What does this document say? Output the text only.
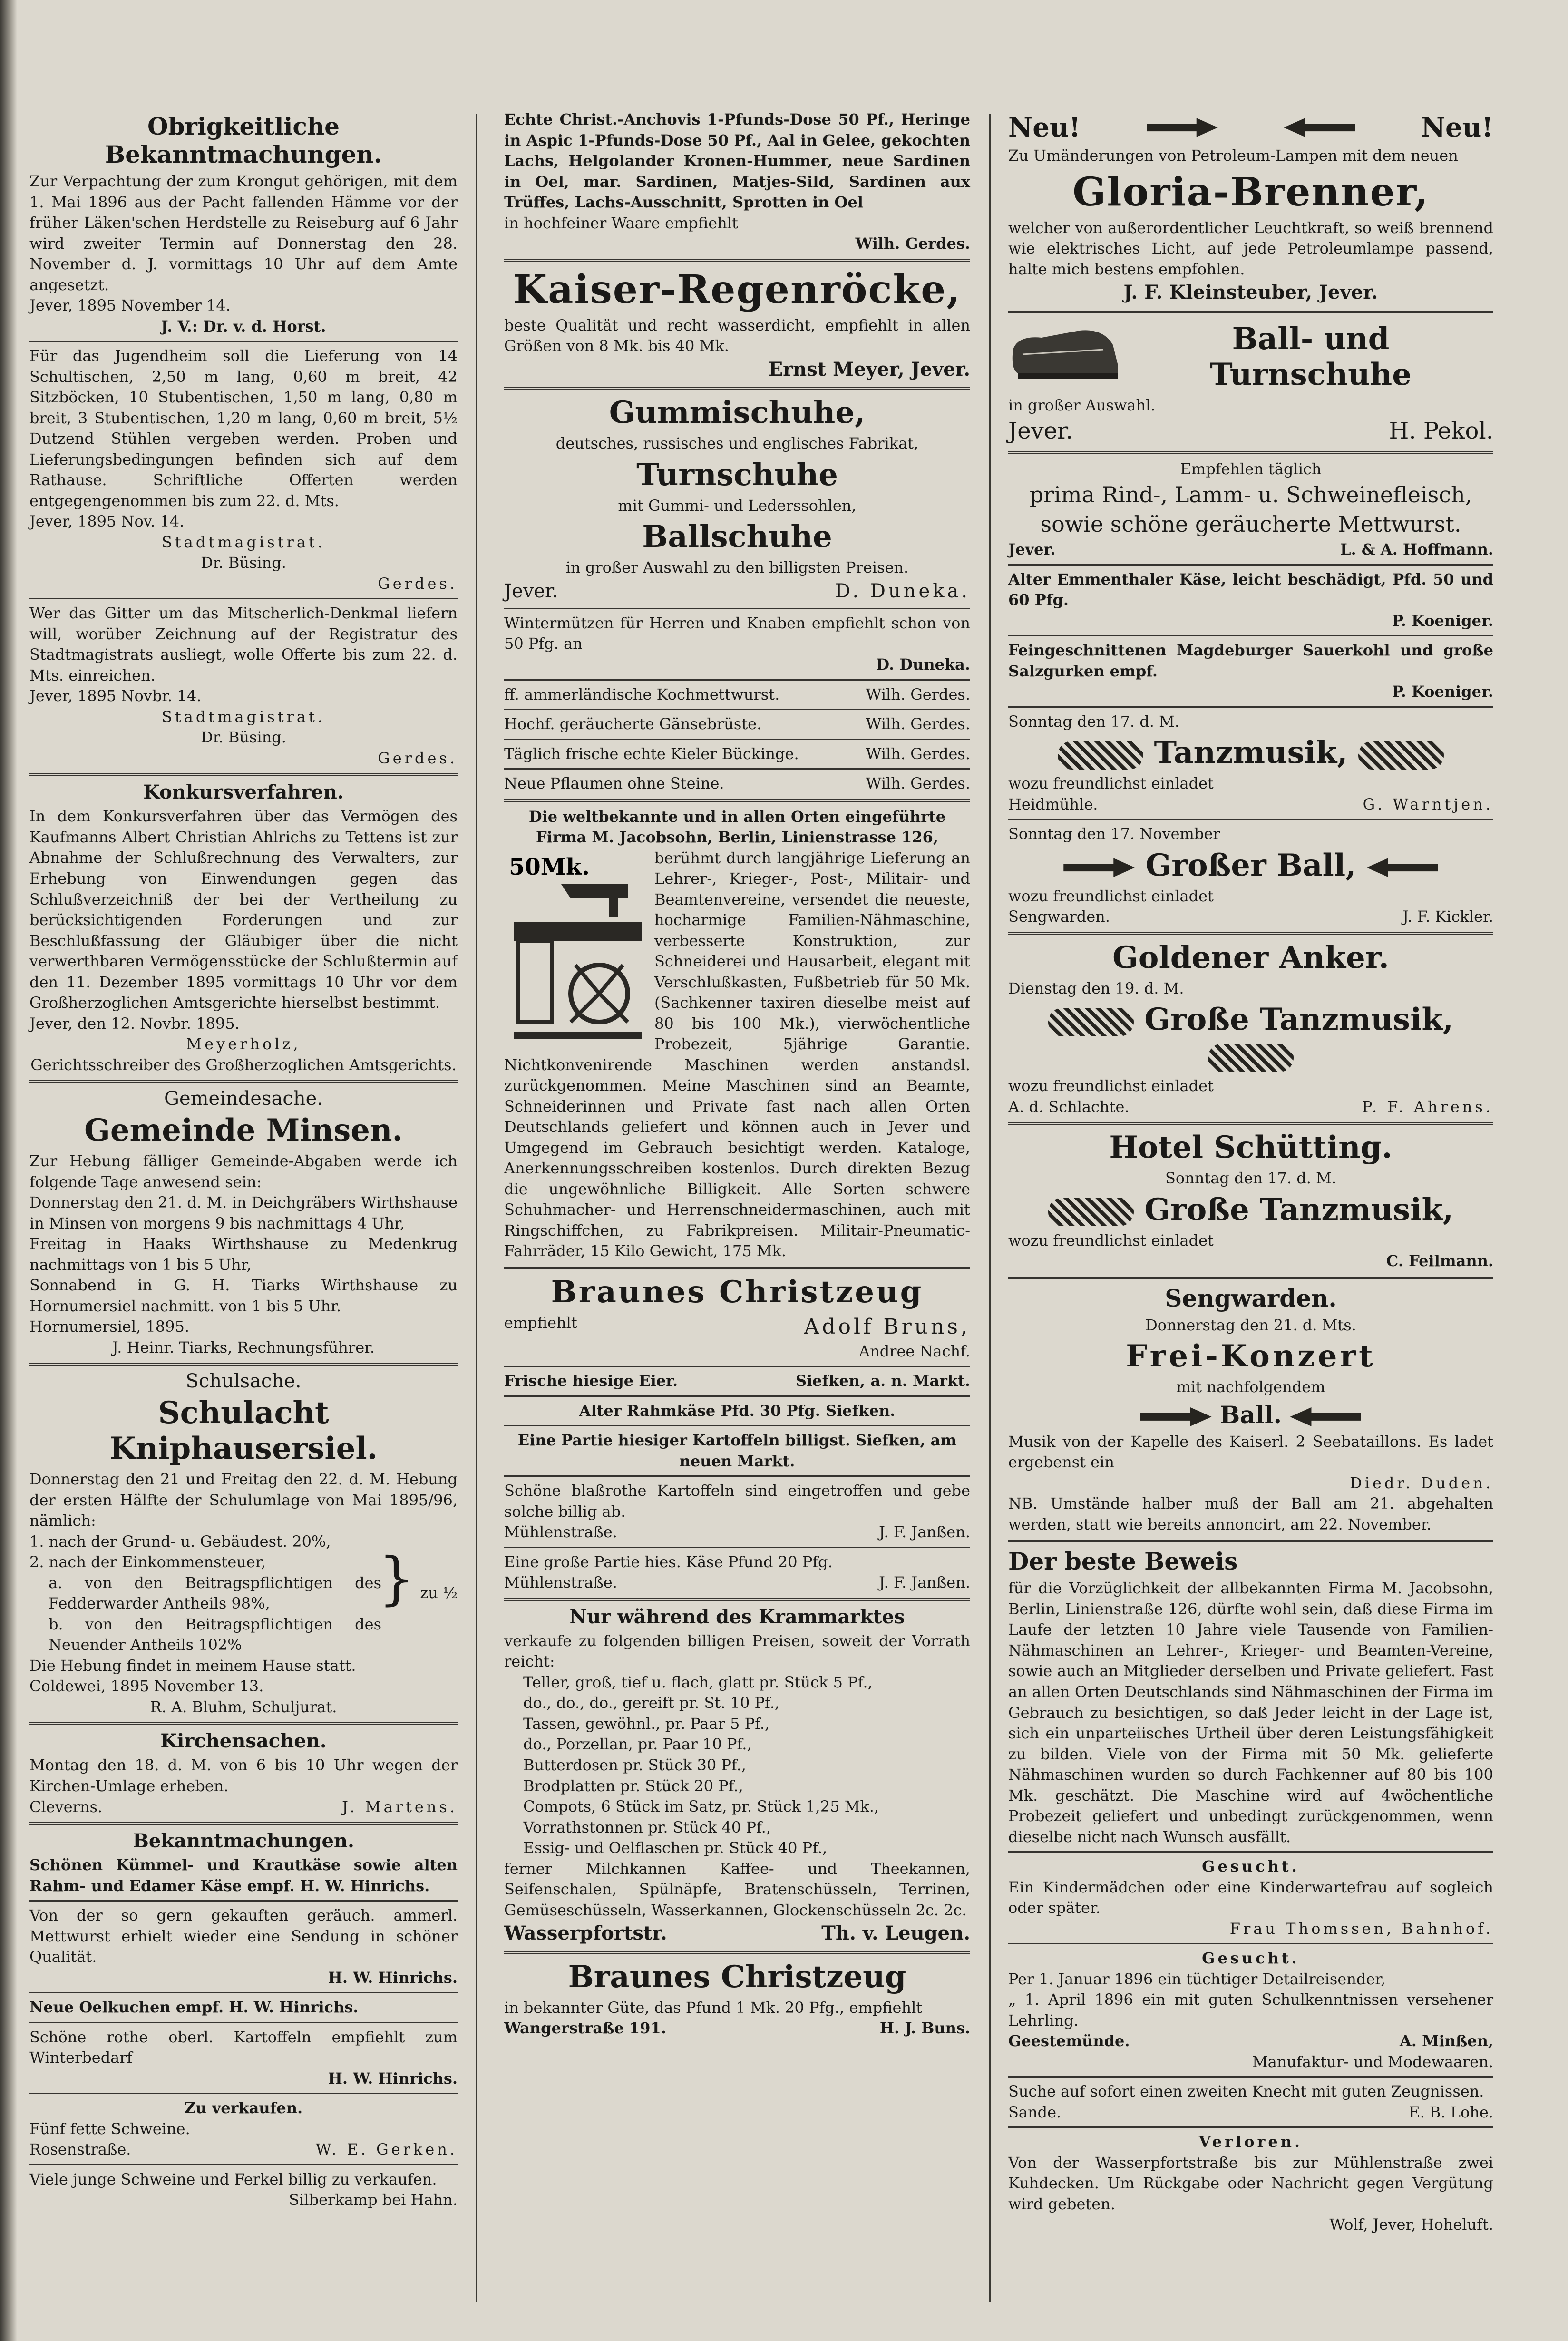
Obrigkeitliche Bekanntmachungen.

Zur Verpachtung der zum Krongut gehörigen, mit dem 1. Mai 1896 aus der Pacht fallenden Hämme vor der früher Läken'schen Herdstelle zu Reiseburg auf 6 Jahr wird zweiter Termin auf Donnerstag den 28. November d. J. vormittags 10 Uhr auf dem Amte angesetzt.

Jever, 1895 November 14.

J. V.: Dr. v. d. Horst.

Für das Jugendheim soll die Lieferung von 14 Schultischen, 2,50 m lang, 0,60 m breit, 42 Sitzböcken, 10 Stubentischen, 1,50 m lang, 0,80 m breit, 3 Stubentischen, 1,20 m lang, 0,60 m breit, 5½ Dutzend Stühlen vergeben werden. Proben und Lieferungsbedingungen befinden sich auf dem Rathause. Schriftliche Offerten werden entgegengenommen bis zum 22. d. Mts.

Jever, 1895 Nov. 14.

Stadtmagistrat.

Dr. Büsing.

Gerdes.

Wer das Gitter um das Mitscherlich-Denkmal liefern will, worüber Zeichnung auf der Registratur des Stadtmagistrats ausliegt, wolle Offerte bis zum 22. d. Mts. einreichen.

Jever, 1895 Novbr. 14.

Stadtmagistrat.

Dr. Büsing.

Gerdes.

Konkursverfahren.

In dem Konkursverfahren über das Vermögen des Kaufmanns Albert Christian Ahlrichs zu Tettens ist zur Abnahme der Schlußrechnung des Verwalters, zur Erhebung von Einwendungen gegen das Schlußverzeichniß der bei der Vertheilung zu berücksichtigenden Forderungen und zur Beschlußfassung der Gläubiger über die nicht verwerthbaren Vermögensstücke der Schlußtermin auf den 11. Dezember 1895 vormittags 10 Uhr vor dem Großherzoglichen Amtsgerichte hierselbst bestimmt.

Jever, den 12. Novbr. 1895.

Meyerholz,

Gerichtsschreiber des Großherzoglichen Amtsgerichts.

Gemeindesache.
Gemeinde Minsen.

Zur Hebung fälliger Gemeinde-Abgaben werde ich folgende Tage anwesend sein:

Donnerstag den 21. d. M. in Deichgräbers Wirthshause in Minsen von morgens 9 bis nachmittags 4 Uhr,

Freitag in Haaks Wirthshause zu Medenkrug nachmittags von 1 bis 5 Uhr,

Sonnabend in G. H. Tiarks Wirthshause zu Hornumersiel nachmitt. von 1 bis 5 Uhr.

Hornumersiel, 1895.

J. Heinr. Tiarks, Rechnungsführer.

Schulsache.
Schulacht Kniphausersiel.

Donnerstag den 21 und Freitag den 22. d. M. Hebung der ersten Hälfte der Schulumlage von Mai 1895/96, nämlich:

1. nach der Grund- u. Gebäudest. 20%,

2. nach der Einkommensteuer,

a. von den Beitragspflichtigen des Fedderwarder Antheils 98%,

b. von den Beitragspflichtigen des Neuender Antheils 102%

} zu ½

Die Hebung findet in meinem Hause statt.

Coldewei, 1895 November 13.

R. A. Bluhm, Schuljurat.

Kirchensachen.

Montag den 18. d. M. von 6 bis 10 Uhr wegen der Kirchen-Umlage erheben.

Cleverns.	J. Martens.
Bekanntmachungen.

Schönen Kümmel- und Krautkäse sowie alten Rahm- und Edamer Käse empf. H. W. Hinrichs.

Von der so gern gekauften geräuch. ammerl. Mettwurst erhielt wieder eine Sendung in schöner Qualität.

H. W. Hinrichs.

Neue Oelkuchen empf. H. W. Hinrichs.

Schöne rothe oberl. Kartoffeln empfiehlt zum Winterbedarf

H. W. Hinrichs.

Zu verkaufen.

Fünf fette Schweine.

Rosenstraße.	W. E. Gerken.

Viele junge Schweine und Ferkel billig zu verkaufen.

Silberkamp bei Hahn.

Echte Christ.-Anchovis 1-Pfunds-Dose 50 Pf., Heringe in Aspic 1-Pfunds-Dose 50 Pf., Aal in Gelee, gekochten Lachs, Helgolander Kronen-Hummer, neue Sardinen in Oel, mar. Sardinen, Matjes-Sild, Sardinen aux Trüffes, Lachs-Ausschnitt, Sprotten in Oel

in hochfeiner Waare empfiehlt

Wilh. Gerdes.

Kaiser-Regenröcke,

beste Qualität und recht wasserdicht, empfiehlt in allen Größen von 8 Mk. bis 40 Mk.

Ernst Meyer, Jever.

Gummischuhe,

deutsches, russisches und englisches Fabrikat,

Turnschuhe

mit Gummi- und Lederssohlen,

Ballschuhe

in großer Auswahl zu den billigsten Preisen.

Jever.	D. Duneka.

Wintermützen für Herren und Knaben empfiehlt schon von 50 Pfg. an

D. Duneka.

ff. ammerländische Kochmettwurst.	Wilh. Gerdes.
Hochf. geräucherte Gänsebrüste.	Wilh. Gerdes.
Täglich frische echte Kieler Bückinge.	Wilh. Gerdes.
Neue Pflaumen ohne Steine.	Wilh. Gerdes.

Die weltbekannte und in allen Orten eingeführte Firma M. Jacobsohn, Berlin, Linienstrasse 126,

50Mk.	berühmt durch langjährige Lieferung an Lehrer-, Krieger-, Post-, Militair- und Beamtenvereine, versendet die neueste, hocharmige Familien-Nähmaschine, verbesserte Konstruktion, zur Schneiderei und Hausarbeit, elegant mit Verschlußkasten, Fußbetrieb für 50 Mk. (Sachkenner taxiren dieselbe meist auf 80 bis 100 Mk.), vierwöchentliche Probezeit, 5jährige Garantie. Nichtkonvenirende Maschinen werden anstandsl. zurückgenommen. Meine Maschinen sind an Beamte, Schneiderinnen und Private fast nach allen Orten Deutschlands geliefert und können auch in Jever und Umgegend im Gebrauch besichtigt werden. Kataloge, Anerkennungsschreiben kostenlos. Durch direkten Bezug die ungewöhnliche Billigkeit. Alle Sorten schwere Schuhmacher- und Herrenschneidermaschinen, auch mit Ringschiffchen, zu Fabrikpreisen. Militair-Pneumatic-Fahrräder, 15 Kilo Gewicht, 175 Mk.

Braunes Christzeug
empfiehlt	Adolf Bruns,

Andree Nachf.

Frische hiesige Eier.	Siefken, a. n. Markt.

Alter Rahmkäse Pfd. 30 Pfg. Siefken.

Eine Partie hiesiger Kartoffeln billigst. Siefken, am neuen Markt.

Schöne blaßrothe Kartoffeln sind eingetroffen und gebe solche billig ab.

Mühlenstraße.	J. F. Janßen.

Eine große Partie hies. Käse Pfund 20 Pfg.

Mühlenstraße.	J. F. Janßen.
Nur während des Krammarktes

verkaufe zu folgenden billigen Preisen, soweit der Vorrath reicht:

Teller, groß, tief u. flach, glatt pr. Stück 5 Pf.,

do., do., do., gereift pr. St. 10 Pf.,

Tassen, gewöhnl., pr. Paar 5 Pf.,

do., Porzellan, pr. Paar 10 Pf.,

Butterdosen pr. Stück 30 Pf.,

Brodplatten pr. Stück 20 Pf.,

Compots, 6 Stück im Satz, pr. Stück 1,25 Mk.,

Vorrathstonnen pr. Stück 40 Pf.,

Essig- und Oelflaschen pr. Stück 40 Pf.,

ferner Milchkannen Kaffee- und Theekannen, Seifenschalen, Spülnäpfe, Bratenschüsseln, Terrinen, Gemüseschüsseln, Wasserkannen, Glockenschüsseln 2c. 2c.

Wasserpfortstr.	Th. v. Leugen.
Braunes Christzeug

in bekannter Güte, das Pfund 1 Mk. 20 Pfg., empfiehlt

Wangerstraße 191.	H. J. Buns.
Neu!	Neu!

Zu Umänderungen von Petroleum-Lampen mit dem neuen

Gloria-Brenner,

welcher von außerordentlicher Leuchtkraft, so weiß brennend wie elektrisches Licht, auf jede Petroleumlampe passend, halte mich bestens empfohlen.

J. F. Kleinsteuber, Jever.

Ball- und Turnschuhe

in großer Auswahl.

Jever.	H. Pekol.

Empfehlen täglich

prima Rind-, Lamm- u. Schweinefleisch, sowie schöne geräucherte Mettwurst.

Jever.	L. & A. Hoffmann.

Alter Emmenthaler Käse, leicht beschädigt, Pfd. 50 und 60 Pfg.

P. Koeniger.

Feingeschnittenen Magdeburger Sauerkohl und große Salzgurken empf.

P. Koeniger.

Sonntag den 17. d. M.

Tanzmusik,

wozu freundlichst einladet

Heidmühle.	G. Warntjen.

Sonntag den 17. November

Großer Ball,

wozu freundlichst einladet

Sengwarden.	J. F. Kickler.
Goldener Anker.

Dienstag den 19. d. M.

Große Tanzmusik,

wozu freundlichst einladet

A. d. Schlachte.	P. F. Ahrens.
Hotel Schütting.

Sonntag den 17. d. M.

Große Tanzmusik,

wozu freundlichst einladet

C. Feilmann.

Sengwarden.

Donnerstag den 21. d. Mts.

Frei-Konzert

mit nachfolgendem

Ball.

Musik von der Kapelle des Kaiserl. 2 Seebataillons. Es ladet ergebenst ein

Diedr. Duden.

NB. Umstände halber muß der Ball am 21. abgehalten werden, statt wie bereits annoncirt, am 22. November.

Der beste Beweis

für die Vorzüglichkeit der allbekannten Firma M. Jacobsohn, Berlin, Linienstraße 126, dürfte wohl sein, daß diese Firma im Laufe der letzten 10 Jahre viele Tausende von Familien-Nähmaschinen an Lehrer-, Krieger- und Beamten-Vereine, sowie auch an Mitglieder derselben und Private geliefert. Fast an allen Orten Deutschlands sind Nähmaschinen der Firma im Gebrauch zu besichtigen, so daß Jeder leicht in der Lage ist, sich ein unparteiisches Urtheil über deren Leistungsfähigkeit zu bilden. Viele von der Firma mit 50 Mk. gelieferte Nähmaschinen wurden so durch Fachkenner auf 80 bis 100 Mk. geschätzt. Die Maschine wird auf 4wöchentliche Probezeit geliefert und unbedingt zurückgenommen, wenn dieselbe nicht nach Wunsch ausfällt.

Gesucht.

Ein Kindermädchen oder eine Kinderwartefrau auf sogleich oder später.

Frau Thomssen, Bahnhof.

Gesucht.

Per 1. Januar 1896 ein tüchtiger Detailreisender,

„ 1. April 1896 ein mit guten Schulkenntnissen versehener Lehrling.

Geestemünde.	A. Minßen,

Manufaktur- und Modewaaren.

Suche auf sofort einen zweiten Knecht mit guten Zeugnissen.

Sande.	E. B. Lohe.

Verloren.

Von der Wasserpfortstraße bis zur Mühlenstraße zwei Kuhdecken. Um Rückgabe oder Nachricht gegen Vergütung wird gebeten.

Wolf, Jever, Hoheluft.
